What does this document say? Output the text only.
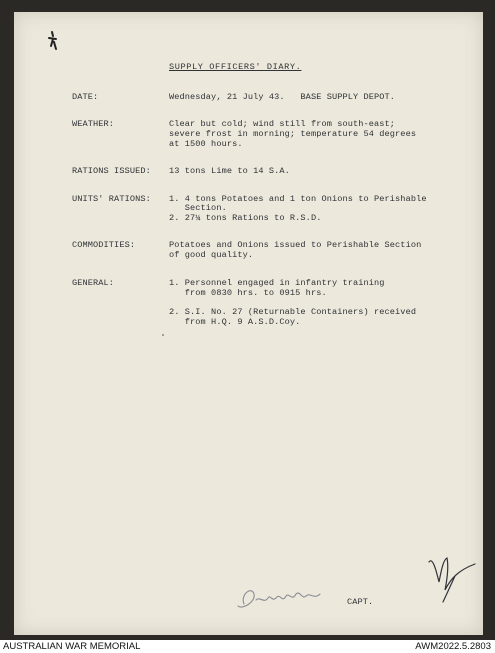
SUPPLY OFFICERS' DIARY.
DATE:	Wednesday, 21 July 43.   BASE SUPPLY DEPOT.
WEATHER:	Clear but cold; wind still from south-east;
severe frost in morning; temperature 54 degrees
at 1500 hours.
RATIONS ISSUED: 13 tons Lime to 14 S.A.
UNITS' RATIONS: 1. 4 tons Potatoes and 1 ton Onions to Perishable
Section.
2. 27¼ tons Rations to R.S.D.
COMMODITIES:	Potatoes and Onions issued to Perishable Section
of good quality.
GENERAL:	1. Personnel engaged in infantry training
from 0830 hrs. to 0915 hrs.
2. S.I. No. 27 (Returnable Containers) received
from H.Q. 9 A.S.D.Coy.
CAPT.
AUSTRALIAN WAR MEMORIAL	AWM2022.5.2803
